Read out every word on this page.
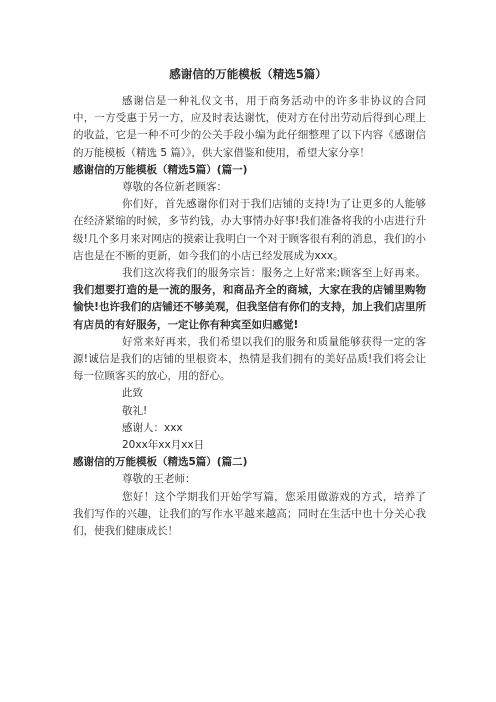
感谢信的万能模板（精选5篇）

感谢信是一种礼仪文书，用于商务活动中的许多非协议的合同中，一方受惠于另一方，应及时表达谢忱，使对方在付出劳动后得到心理上的收益，它是一种不可少的公关手段小编为此仔细整理了以下内容《感谢信的万能模板（精选 5 篇）》，供大家借鉴和使用，希望大家分享！

感谢信的万能模板（精选5篇）(篇一)

尊敬的各位新老顾客：

你们好，首先感谢你们对于我们店铺的支持!为了让更多的人能够在经济紧缩的时候，多节约钱，办大事情办好事!我们准备将我的小店进行升级!几个多月来对网店的摸索让我明白一个对于顾客很有利的消息，我们的小店也是在不断的更新，如今我们的小店已经发展成为xxx。

我们这次将我们的服务宗旨：服务之上好常来;顾客至上好再来。我们想要打造的是一流的服务，和商品齐全的商城，大家在我的店铺里购物愉快!也许我们的店铺还不够美观，但我坚信有你们的支持，加上我们店里所有店员的有好服务，一定让你有种宾至如归感觉!

好常来好再来，我们希望以我们的服务和质量能够获得一定的客源!诚信是我们的店铺的里根资本，热情是我们拥有的美好品质!我们将会让每一位顾客买的放心，用的舒心。

此致

敬礼!

感谢人：xxx

20xx年xx月xx日

感谢信的万能模板（精选5篇）(篇二)

尊敬的王老师：

您好！这个学期我们开始学写篇，您采用做游戏的方式，培养了我们写作的兴趣，让我们的写作水平越来越高；同时在生活中也十分关心我们，使我们健康成长！
